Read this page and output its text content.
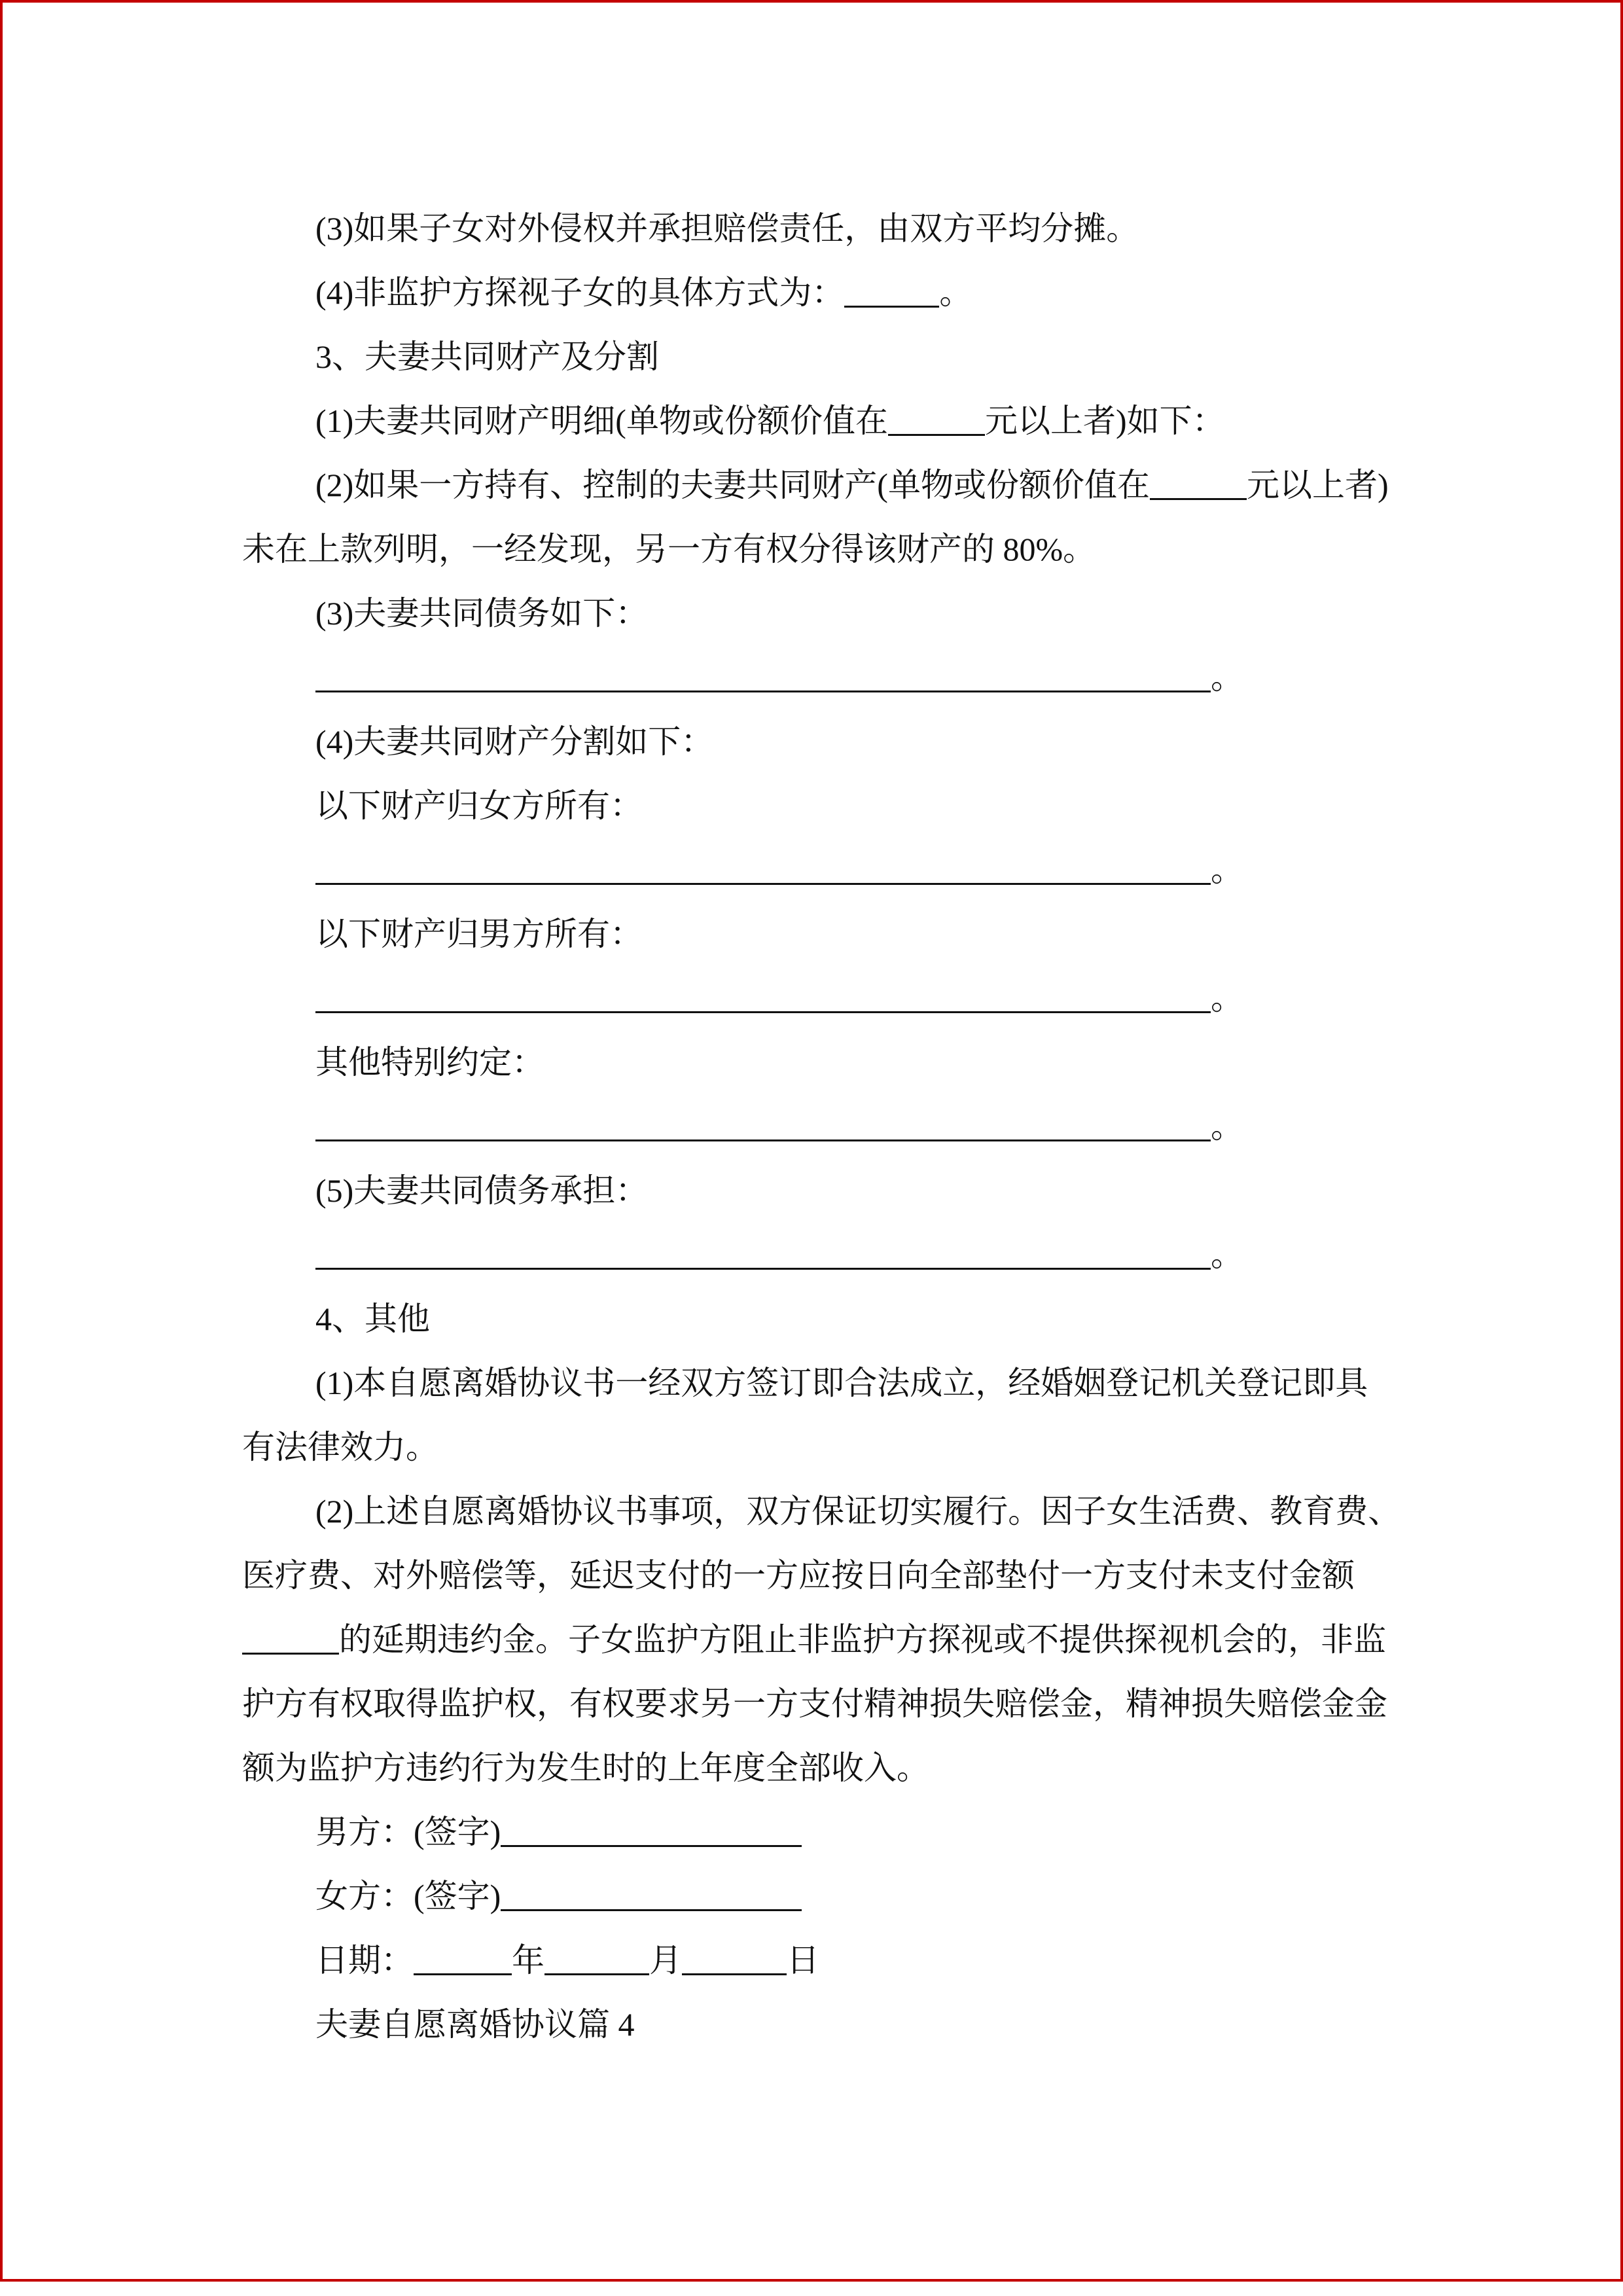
(3)如果子女对外侵权并承担赔偿责任，由双方平均分摊。
(4)非监护方探视子女的具体方式为：	。
3、夫妻共同财产及分割
(1)夫妻共同财产明细(单物或份额价值在	元以上者)如下：
(2)如果一方持有、控制的夫妻共同财产(单物或份额价值在	元以上者)
未在上款列明，一经发现，另一方有权分得该财产的 80%。
(3)夫妻共同债务如下：
。
(4)夫妻共同财产分割如下：
以下财产归女方所有：
。
以下财产归男方所有：
。
其他特别约定：
。
(5)夫妻共同债务承担：
。
4、其他
(1)本自愿离婚协议书一经双方签订即合法成立，经婚姻登记机关登记即具
有法律效力。
(2)上述自愿离婚协议书事项，双方保证切实履行。因子女生活费、教育费、
医疗费、对外赔偿等，延迟支付的一方应按日向全部垫付一方支付未支付金额
的延期违约金。子女监护方阻止非监护方探视或不提供探视机会的，非监
护方有权取得监护权，有权要求另一方支付精神损失赔偿金，精神损失赔偿金金
额为监护方违约行为发生时的上年度全部收入。
男方：(签字)
女方：(签字)
日期：	年	月	日
夫妻自愿离婚协议篇 4
